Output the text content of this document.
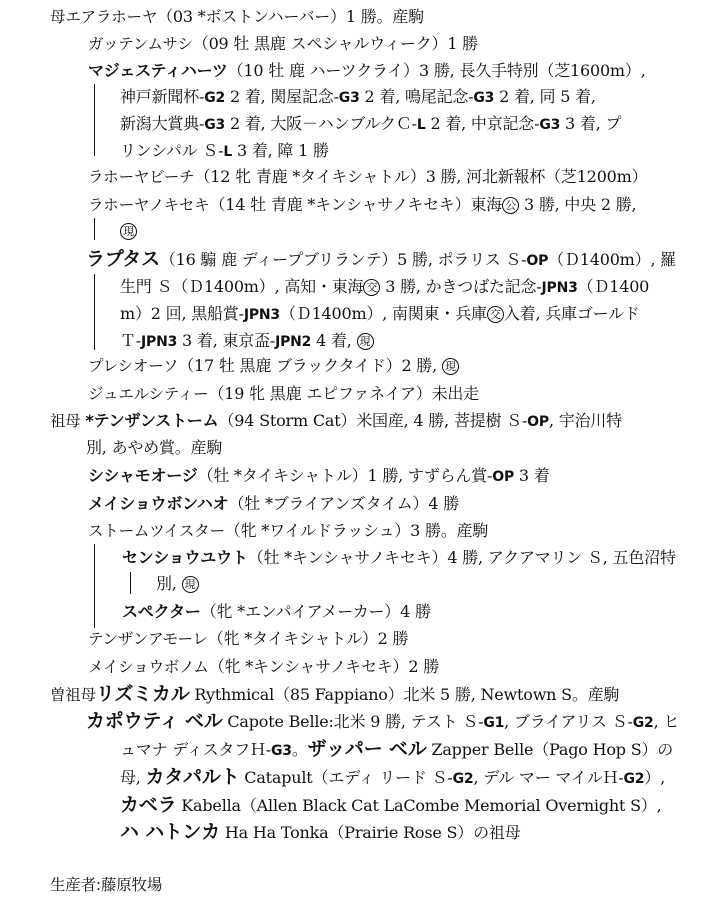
母エアラホーヤ（03 *ボストンハーバー）1 勝。産駒
ガッテンムサシ（09 牡 黒鹿 スペシャルウィーク）1 勝
マジェスティハーツ（10 牡 鹿 ハーツクライ）3 勝, 長久手特別（芝1600m）,
神戸新聞杯-G2 2 着, 関屋記念-G3 2 着, 鳴尾記念-G3 2 着, 同 5 着,
新潟大賞典-G3 2 着, 大阪－ハンブルクＣ-L 2 着, 中京記念-G3 3 着, プ
リンシパル Ｓ-L 3 着, 障 1 勝
ラホーヤビーチ（12 牝 青鹿 *タイキシャトル）3 勝, 河北新報杯（芝1200m）
ラホーヤノキセキ（14 牡 青鹿 *キンシャサノキセキ）東海 公 3 勝, 中央 2 勝,
現
ラプタス（16 騸 鹿 ディープブリランテ）5 勝, ポラリス Ｓ-OP（Ｄ1400m）, 羅
生門 Ｓ（Ｄ1400m）, 高知・東海 交 3 勝, かきつばた記念-JPN3（Ｄ1400
m）2 回, 黒船賞-JPN3（Ｄ1400m）, 南関東・兵庫 交 入着, 兵庫ゴールド
Ｔ-JPN3 3 着, 東京盃-JPN2 4 着, 現
プレシオーソ（17 牡 黒鹿 ブラックタイド）2 勝, 現
ジュエルシティー（19 牝 黒鹿 エピファネイア）未出走
祖母 *テンザンストーム（94 Storm Cat）米国産, 4 勝, 菩提樹 Ｓ-OP, 宇治川特
別, あやめ賞。産駒
シシャモオージ（牡 *タイキシャトル）1 勝, すずらん賞-OP 3 着
メイショウボンハオ（牡 *ブライアンズタイム）4 勝
ストームツイスター（牝 *ワイルドラッシュ）3 勝。産駒
センショウユウト（牡 *キンシャサノキセキ）4 勝, アクアマリン Ｓ, 五色沼特
別, 現
スペクター（牝 *エンパイアメーカー）4 勝
テンザンアモーレ（牝 *タイキシャトル）2 勝
メイショウボノム（牝 *キンシャサノキセキ）2 勝
曽祖母リズミカル Rythmical（85 Fappiano）北米 5 勝, Newtown S。産駒
カポウティ ベル Capote Belle:北米 9 勝, テスト Ｓ-G1, ブライアリス Ｓ-G2, ヒ
ュマナ ディスタフＨ-G3。ザッパー ベル Zapper Belle（Pago Hop S）の
母, カタパルト Catapult（エディ リード Ｓ-G2, デル マー マイルＨ-G2）,
カベラ Kabella（Allen Black Cat LaCombe Memorial Overnight S）,
ハ ハトンカ Ha Ha Tonka（Prairie Rose S）の祖母
生産者:藤原牧場
